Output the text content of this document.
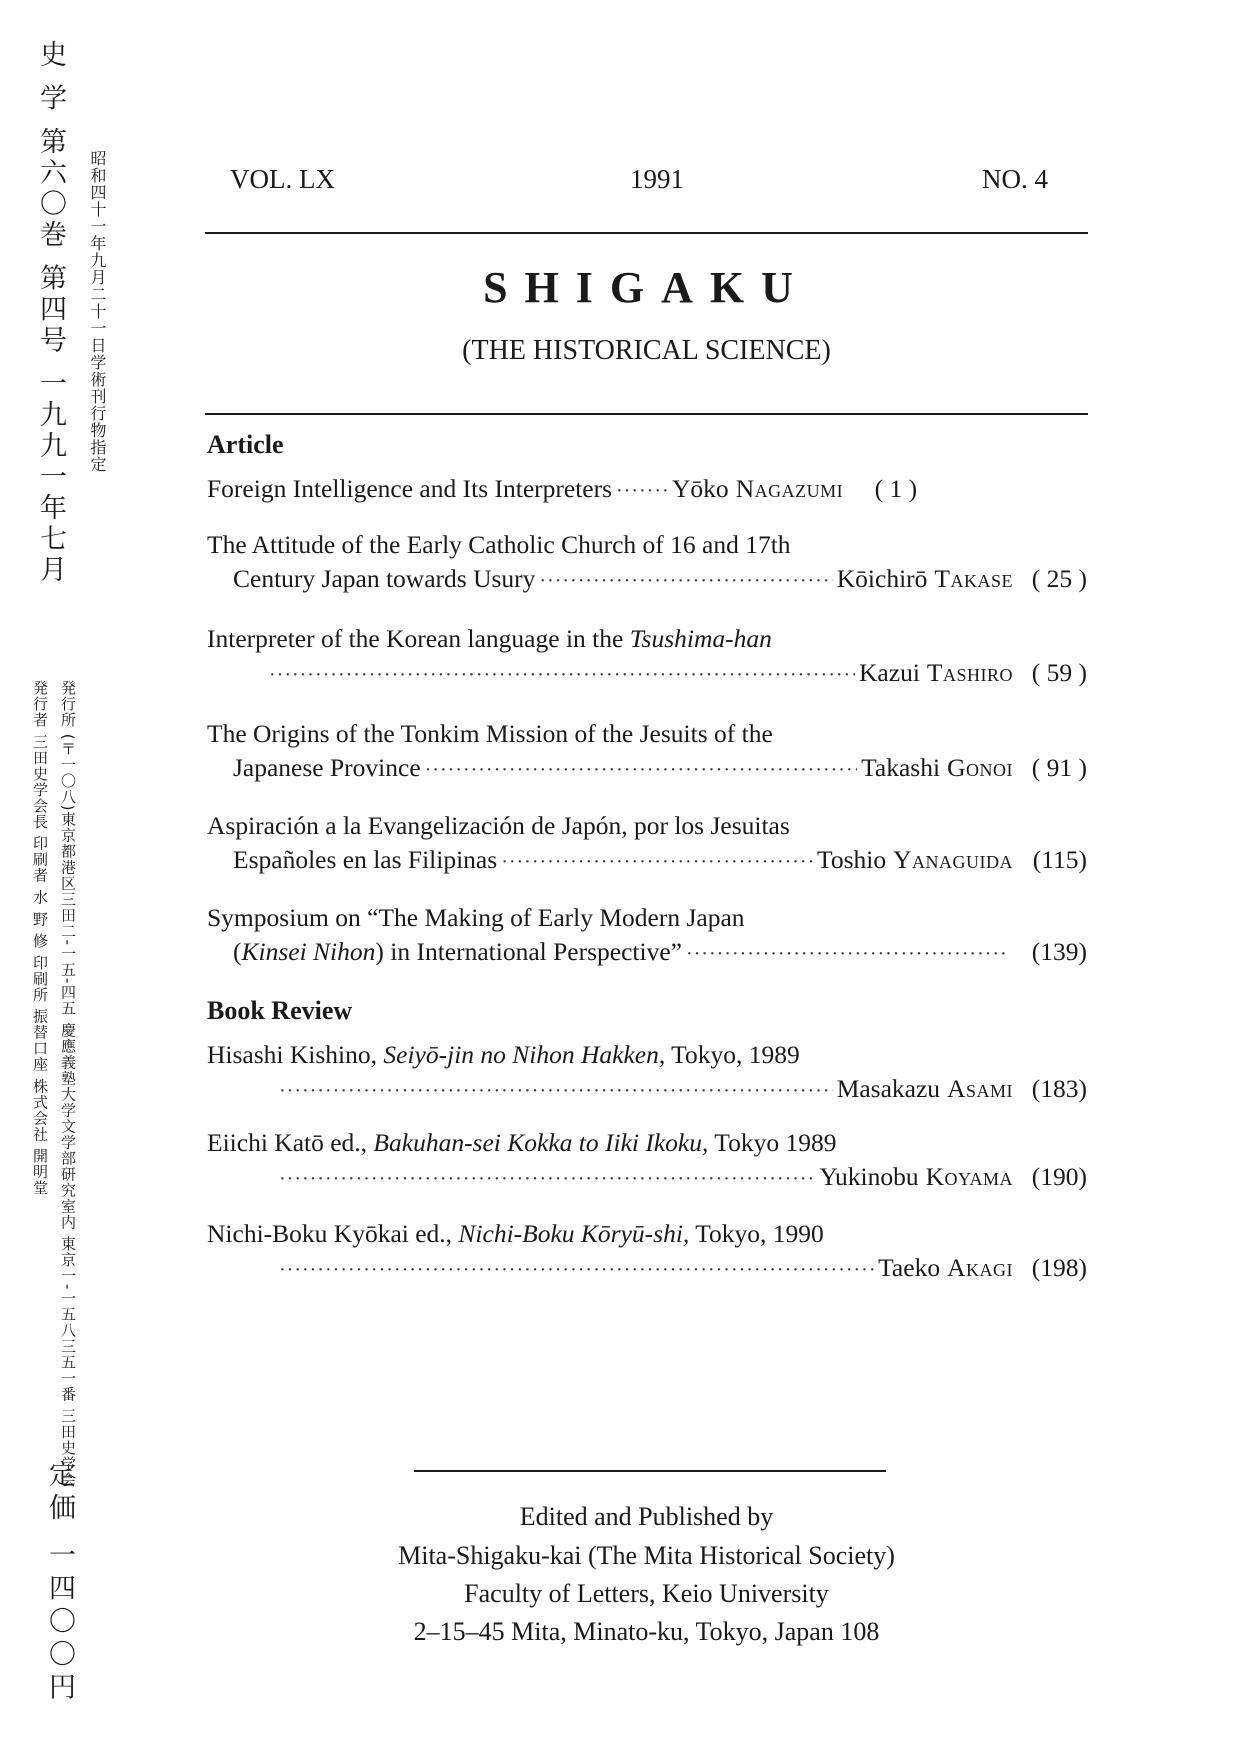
史 学 第六〇巻 第四号 一九九一年七月 昭和四十一年九月二十一日学術刊行物指定
発行者 三田史学会長 印刷者 水 野 修 印刷所 振替口座 株式会社 開明堂 発行所 (〒一〇八)東京都港区三田二-一五-四五 慶應義塾大学文学部研究室内 東京一-一五八三五一番 三田史学会
定価 一四〇〇円
VOL. LX	1991	NO. 4
SHIGAKU
(THE HISTORICAL SCIENCE)
Article
Foreign Intelligence and Its Interpreters ····· Yōko Nagazumi	( 1 )
The Attitude of the Early Catholic Church of 16 and 17th
Century Japan towards Usury ·····	Kōichirō Takase ( 25 )
Interpreter of the Korean language in the Tsushima-han
·····
Kazui Tashiro ( 59 )
The Origins of the Tonkim Mission of the Jesuits of the
Japanese Province ·····	Takashi Gonoi ( 91 )
Aspiración a la Evangelización de Japón, por los Jesuitas
Españoles en las Filipinas ·····	Toshio Yanaguida (115)
Symposium on “The Making of Early Modern Japan
(Kinsei Nihon) in International Perspective” ·····	(139)
Book Review
Hisashi Kishino, Seiyō-jin no Nihon Hakken, Tokyo, 1989
·····
Masakazu Asami (183)
Eiichi Katō ed., Bakuhan-sei Kokka to Iiki Ikoku, Tokyo 1989
·····
Yukinobu Koyama (190)
Nichi-Boku Kyōkai ed., Nichi-Boku Kōryū-shi, Tokyo, 1990
·····
Taeko Akagi (198)
Edited and Published by
Mita-Shigaku-kai (The Mita Historical Society)
Faculty of Letters, Keio University
2–15–45 Mita, Minato-ku, Tokyo, Japan 108
